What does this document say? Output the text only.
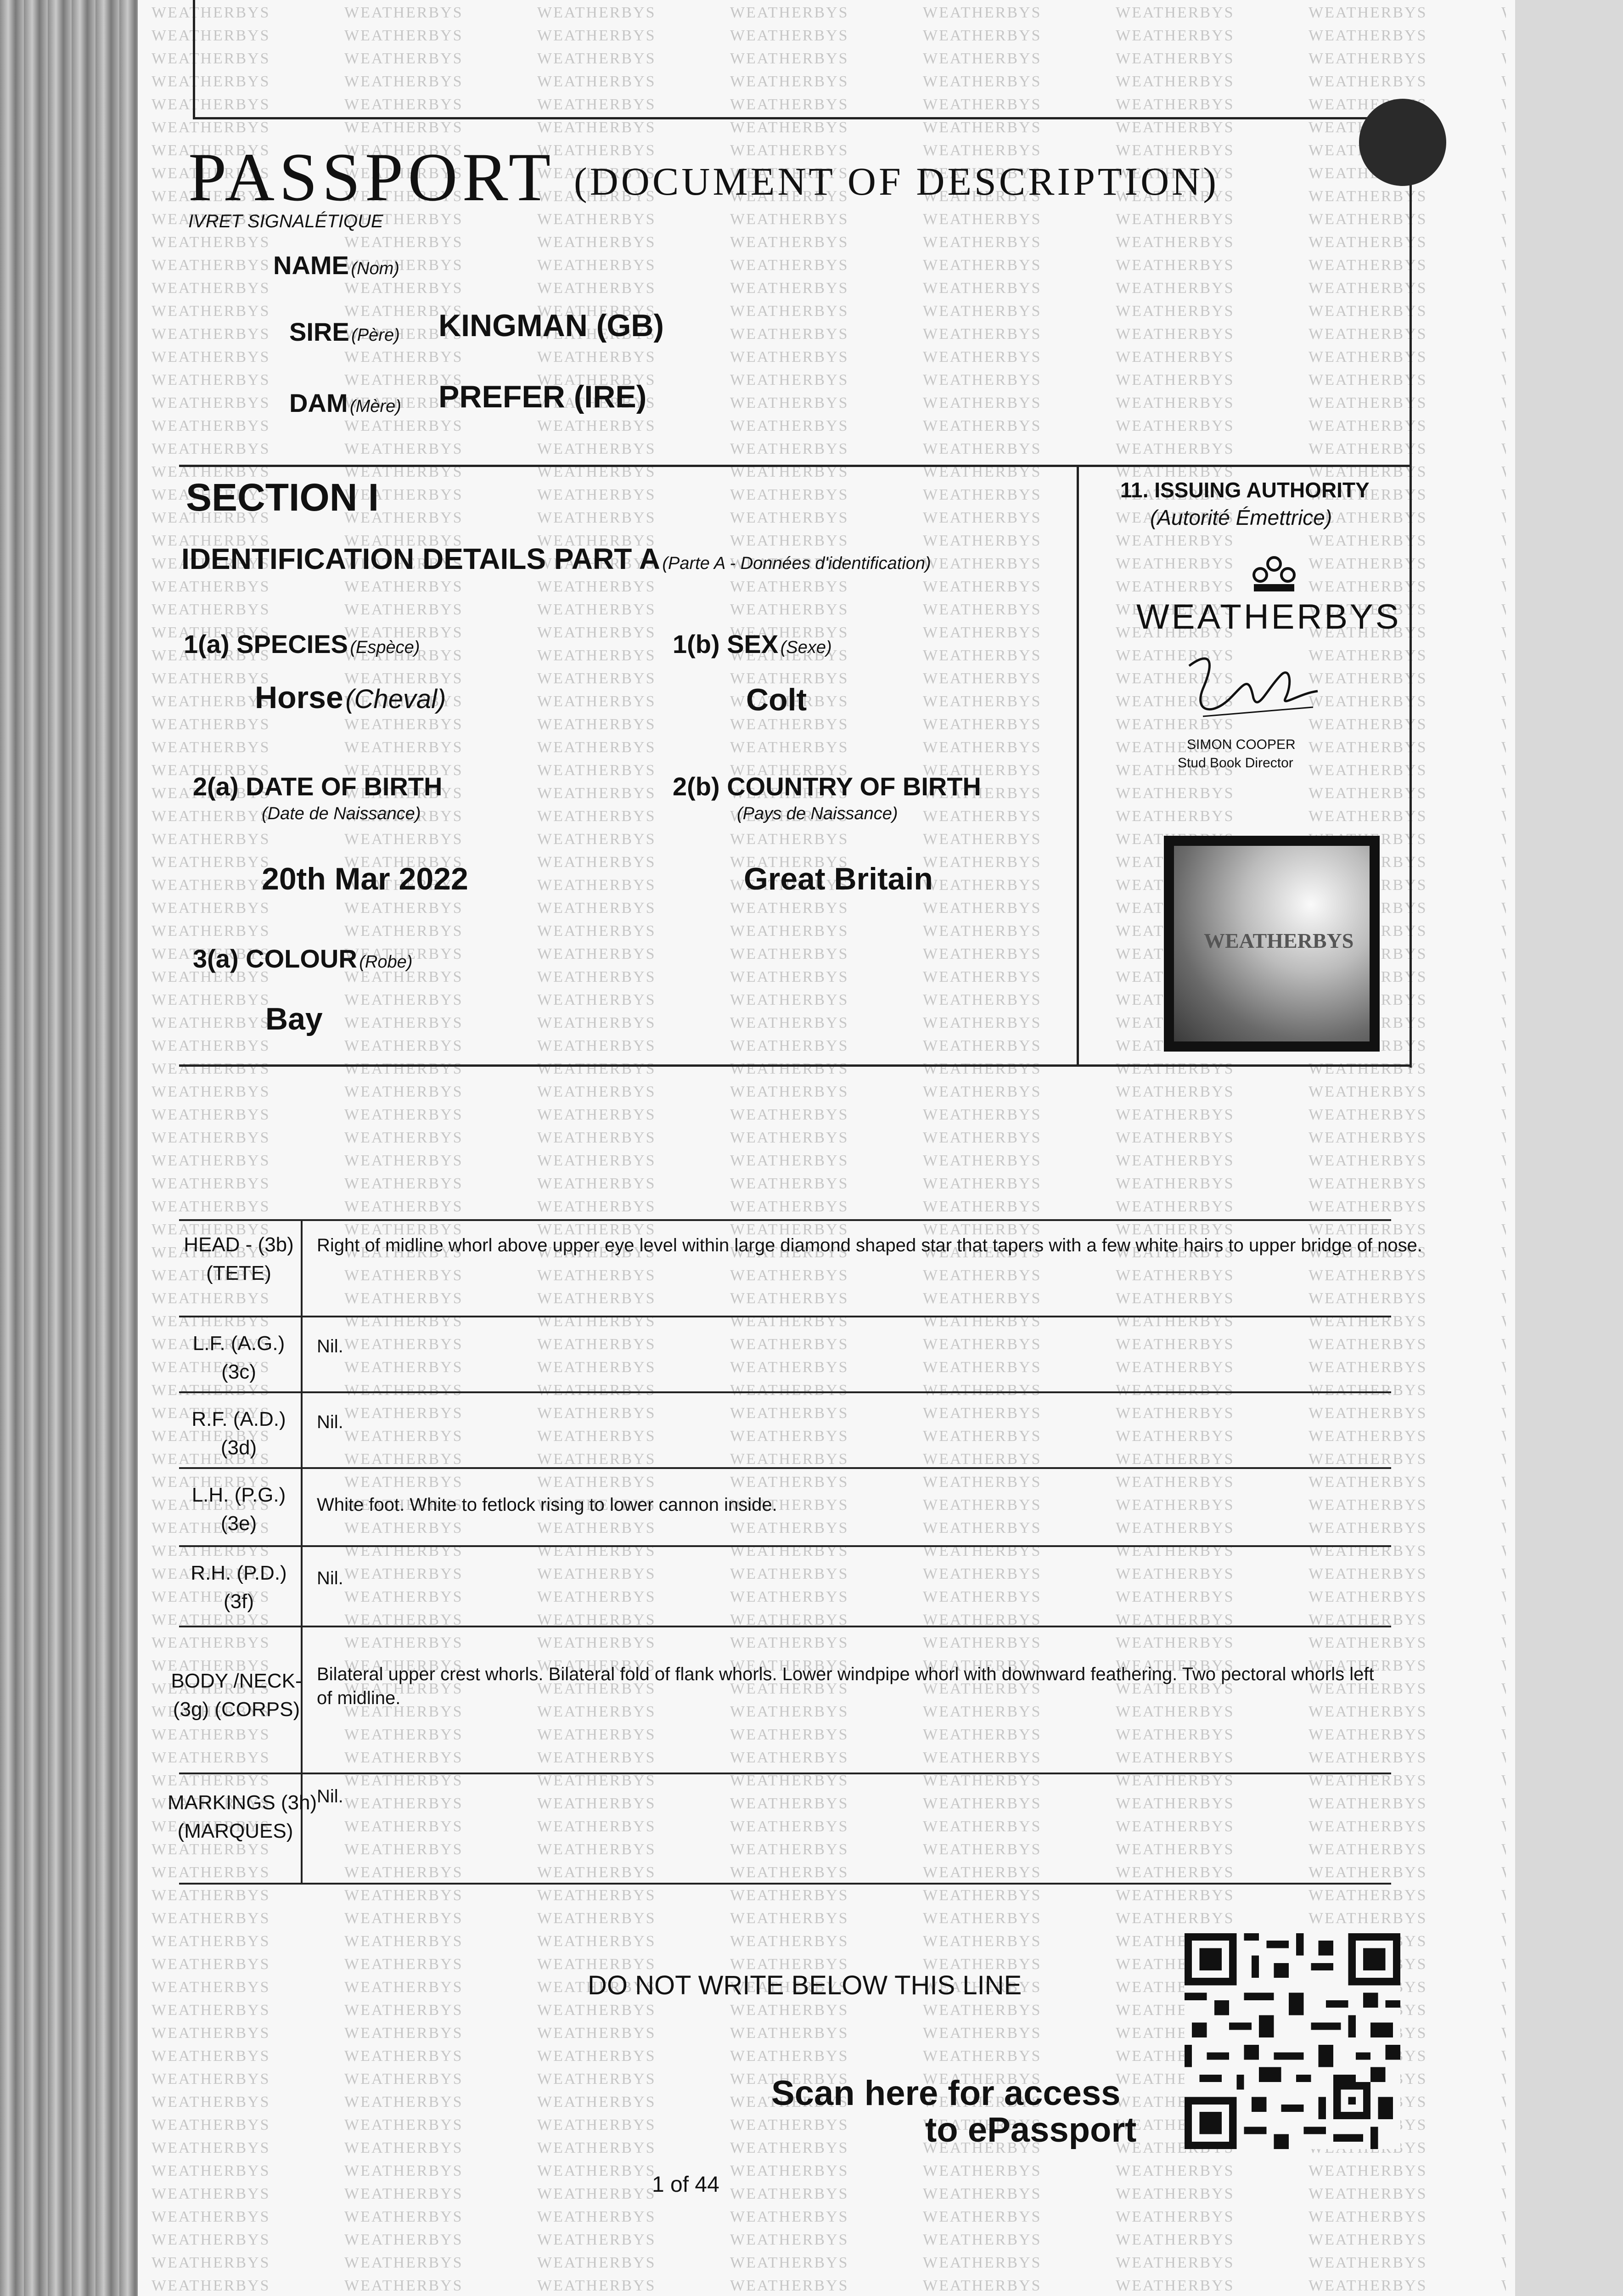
PASSPORT (DOCUMENT OF DESCRIPTION)
IVRET SIGNALÉTIQUE
NAME (Nom)
SIRE (Père) KINGMAN (GB)
DAM (Mère) PREFER (IRE)
SECTION I
IDENTIFICATION DETAILS PART A (Parte A - Données d'identification)
1(a) SPECIES (Espèce)
Horse (Cheval)
1(b) SEX (Sexe)
Colt
2(a) DATE OF BIRTH
(Date de Naissance)
20th Mar 2022
2(b) COUNTRY OF BIRTH
(Pays de Naissance)
Great Britain
3(a) COLOUR (Robe)
Bay
11. ISSUING AUTHORITY
(Autorité Émettrice)
WEATHERBYS
SIMON COOPER
Stud Book Director
WEATHERBYS
HEAD - (3b)
(TETE)
Right of midline whorl above upper eye level within large diamond shaped star that tapers with a few white hairs to upper bridge of nose.
L.F. (A.G.)
(3c)
Nil.
R.F. (A.D.)
(3d)
Nil.
L.H. (P.G.)
(3e)
White foot. White to fetlock rising to lower cannon inside.
R.H. (P.D.)
(3f)
Nil.
BODY /NECK-
(3g) (CORPS)
Bilateral upper crest whorls. Bilateral fold of flank whorls. Lower windpipe whorl with downward feathering. Two pectoral whorls left of midline.
MARKINGS (3h)
(MARQUES)
Nil.
DO NOT WRITE BELOW THIS LINE
Scan here for access
to ePassport
1 of 44
